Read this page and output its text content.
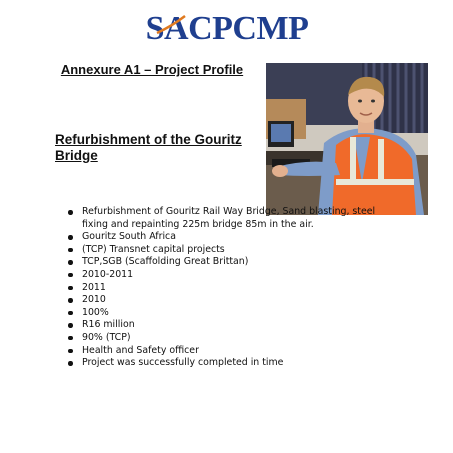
SACPCMP
Annexure A1 – Project Profile
Refurbishment of the Gouritz Bridge
Refurbishment of Gouritz Rail Way Bridge, Sand blasting, steel fixing and repainting 225m bridge 85m in the air.
Gouritz South Africa
(TCP) Transnet capital projects
TCP,SGB (Scaffolding Great Brittan)
2010-2011
2011
2010
100%
R16 million
90% (TCP)
Health and Safety officer
Project was successfully completed in time
